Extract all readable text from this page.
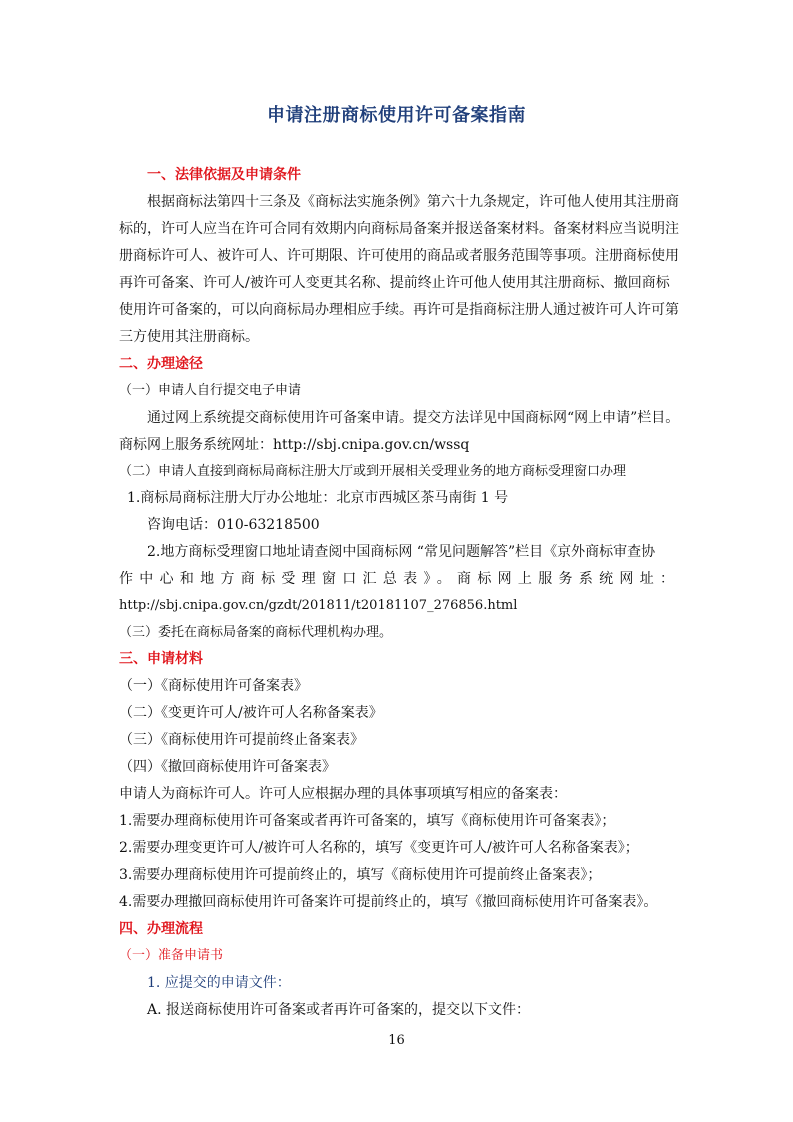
申请注册商标使用许可备案指南
一、法律依据及申请条件
根据商标法第四十三条及《商标法实施条例》第六十九条规定，许可他人使用其注册商
标的，许可人应当在许可合同有效期内向商标局备案并报送备案材料。备案材料应当说明注
册商标许可人、被许可人、许可期限、许可使用的商品或者服务范围等事项。注册商标使用
再许可备案、许可人/被许可人变更其名称、提前终止许可他人使用其注册商标、撤回商标
使用许可备案的，可以向商标局办理相应手续。再许可是指商标注册人通过被许可人许可第
三方使用其注册商标。
二、办理途径
（一）申请人自行提交电子申请
通过网上系统提交商标使用许可备案申请。提交方法详见中国商标网“网上申请”栏目。
商标网上服务系统网址：http://sbj.cnipa.gov.cn/wssq
（二）申请人直接到商标局商标注册大厅或到开展相关受理业务的地方商标受理窗口办理
1.商标局商标注册大厅办公地址：北京市西城区茶马南街 1 号
咨询电话：010-63218500
2.地方商标受理窗口地址请查阅中国商标网 “常见问题解答”栏目《京外商标审查协
作中心和地方商标受理窗口汇总表》。商标网上服务系统网址：
http://sbj.cnipa.gov.cn/gzdt/201811/t20181107_276856.html
（三）委托在商标局备案的商标代理机构办理。
三、申请材料
（一）《商标使用许可备案表》
（二）《变更许可人/被许可人名称备案表》
（三）《商标使用许可提前终止备案表》
（四）《撤回商标使用许可备案表》
申请人为商标许可人。许可人应根据办理的具体事项填写相应的备案表：
1.需要办理商标使用许可备案或者再许可备案的，填写《商标使用许可备案表》；
2.需要办理变更许可人/被许可人名称的，填写《变更许可人/被许可人名称备案表》；
3.需要办理商标使用许可提前终止的，填写《商标使用许可提前终止备案表》；
4.需要办理撤回商标使用许可备案许可提前终止的，填写《撤回商标使用许可备案表》。
四、办理流程
（一）准备申请书
1. 应提交的申请文件：
A. 报送商标使用许可备案或者再许可备案的，提交以下文件：
16
